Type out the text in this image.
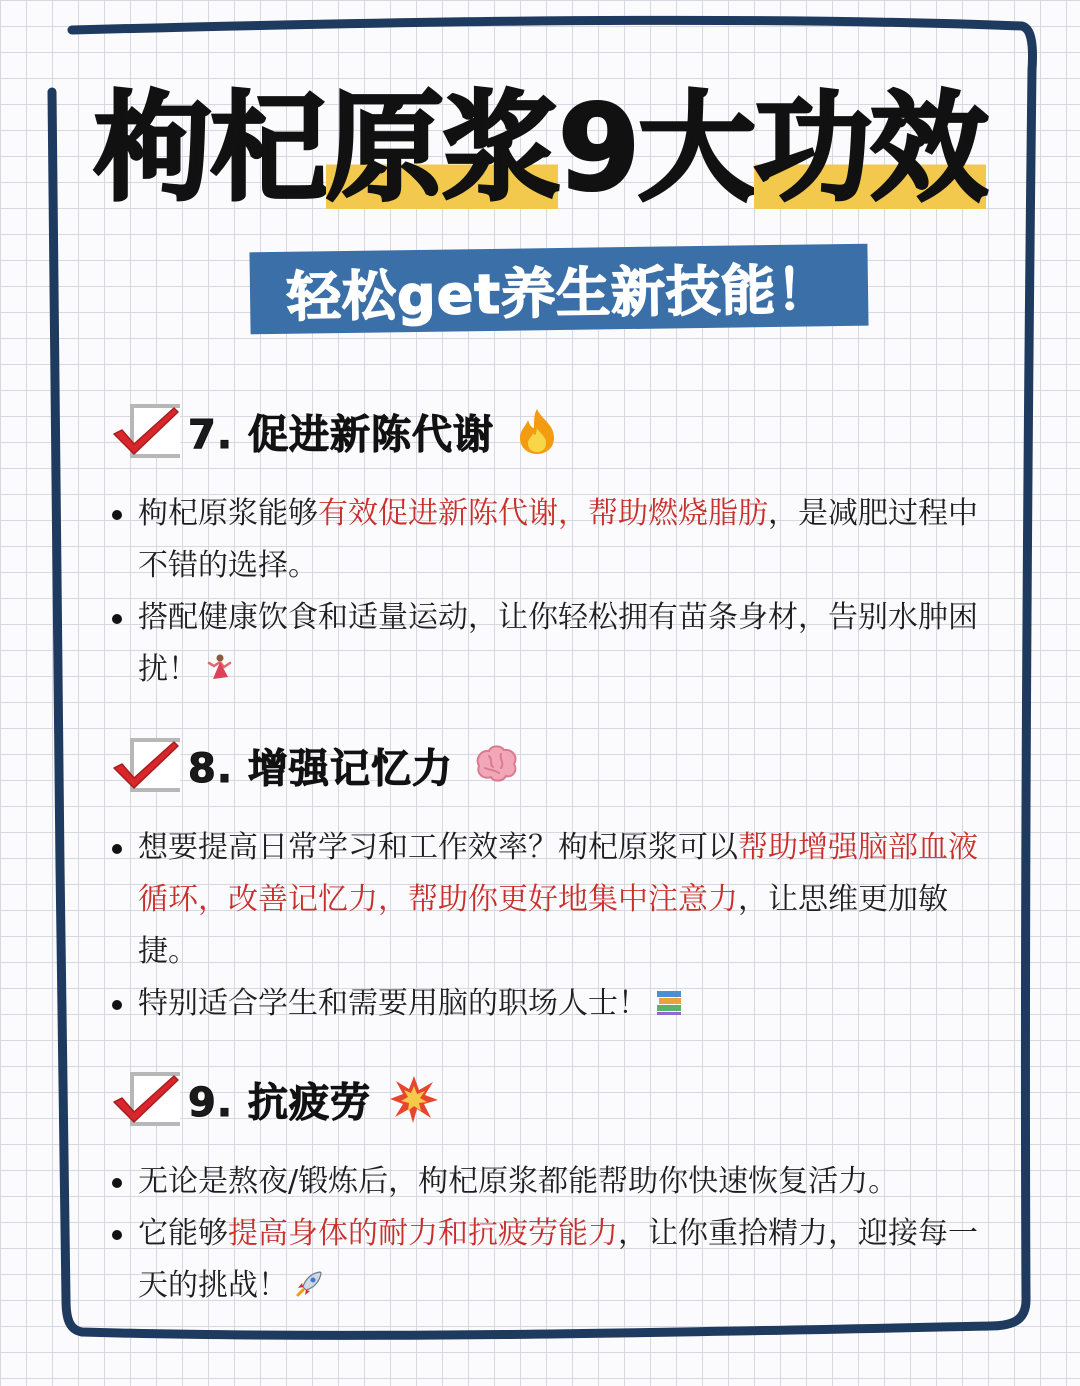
枸杞原浆9大功效
轻松get养生新技能！
7. 促进新陈代谢
枸杞原浆能够有效促进新陈代谢，帮助燃烧脂肪，是减肥过程中不错的选择。
搭配健康饮食和适量运动，让你轻松拥有苗条身材，告别水肿困扰！
8. 增强记忆力
想要提高日常学习和工作效率？枸杞原浆可以帮助增强脑部血液循环，改善记忆力，帮助你更好地集中注意力，让思维更加敏捷。
特别适合学生和需要用脑的职场人士！
9. 抗疲劳
无论是熬夜/锻炼后，枸杞原浆都能帮助你快速恢复活力。
它能够提高身体的耐力和抗疲劳能力，让你重拾精力，迎接每一天的挑战！
